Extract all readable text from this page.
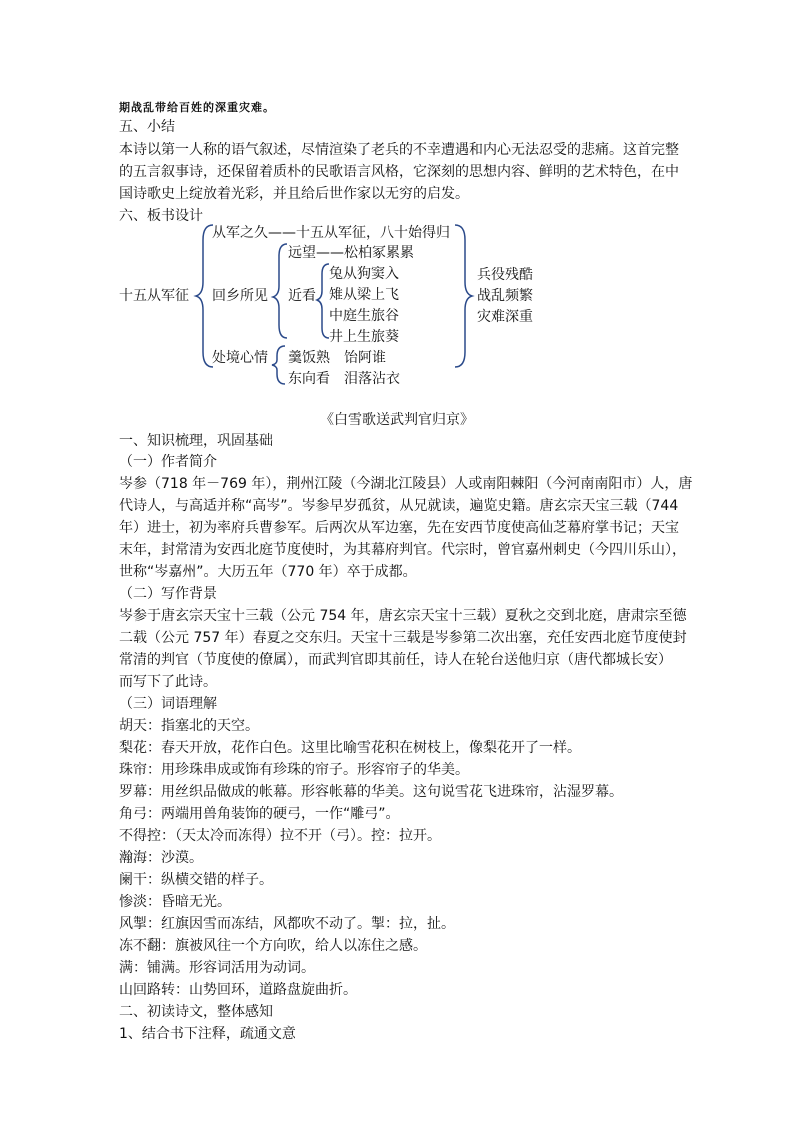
期战乱带给百姓的深重灾难。
五、小结
本诗以第一人称的语气叙述，尽情渲染了老兵的不幸遭遇和内心无法忍受的悲痛。这首完整
的五言叙事诗，还保留着质朴的民歌语言风格，它深刻的思想内容、鲜明的艺术特色，在中
国诗歌史上绽放着光彩，并且给后世作家以无穷的启发。
六、板书设计
十五从军征
从军之久——十五从军征，八十始得归
回乡所见
远望——松柏冢累累
近看
兔从狗窦入
雉从梁上飞
中庭生旅谷
井上生旅葵
处境心情 羹饭熟　饴阿谁
东向看　泪落沾衣
兵役残酷
战乱频繁
灾难深重
《白雪歌送武判官归京》
一、知识梳理，巩固基础
（一）作者简介
岑参（718 年－769 年），荆州江陵（今湖北江陵县）人或南阳棘阳（今河南南阳市）人，唐
代诗人，与高适并称“高岑”。岑参早岁孤贫，从兄就读，遍览史籍。唐玄宗天宝三载（744
年）进士，初为率府兵曹参军。后两次从军边塞，先在安西节度使高仙芝幕府掌书记；天宝
末年，封常清为安西北庭节度使时，为其幕府判官。代宗时，曾官嘉州刺史（今四川乐山），
世称“岑嘉州”。大历五年（770 年）卒于成都。
（二）写作背景
岑参于唐玄宗天宝十三载（公元 754 年，唐玄宗天宝十三载）夏秋之交到北庭，唐肃宗至德
二载（公元 757 年）春夏之交东归。天宝十三载是岑参第二次出塞，充任安西北庭节度使封
常清的判官（节度使的僚属），而武判官即其前任，诗人在轮台送他归京（唐代都城长安）
而写下了此诗。
（三）词语理解
胡天：指塞北的天空。
梨花：春天开放，花作白色。这里比喻雪花积在树枝上，像梨花开了一样。
珠帘：用珍珠串成或饰有珍珠的帘子。形容帘子的华美。
罗幕：用丝织品做成的帐幕。形容帐幕的华美。这句说雪花飞进珠帘，沾湿罗幕。
角弓：两端用兽角装饰的硬弓，一作“雕弓”。
不得控：（天太冷而冻得）拉不开（弓）。控：拉开。
瀚海：沙漠。
阑干：纵横交错的样子。
惨淡：昏暗无光。
风掣：红旗因雪而冻结，风都吹不动了。掣：拉，扯。
冻不翻：旗被风往一个方向吹，给人以冻住之感。
满：铺满。形容词活用为动词。
山回路转：山势回环，道路盘旋曲折。
二、初读诗文，整体感知
1、结合书下注释，疏通文意
